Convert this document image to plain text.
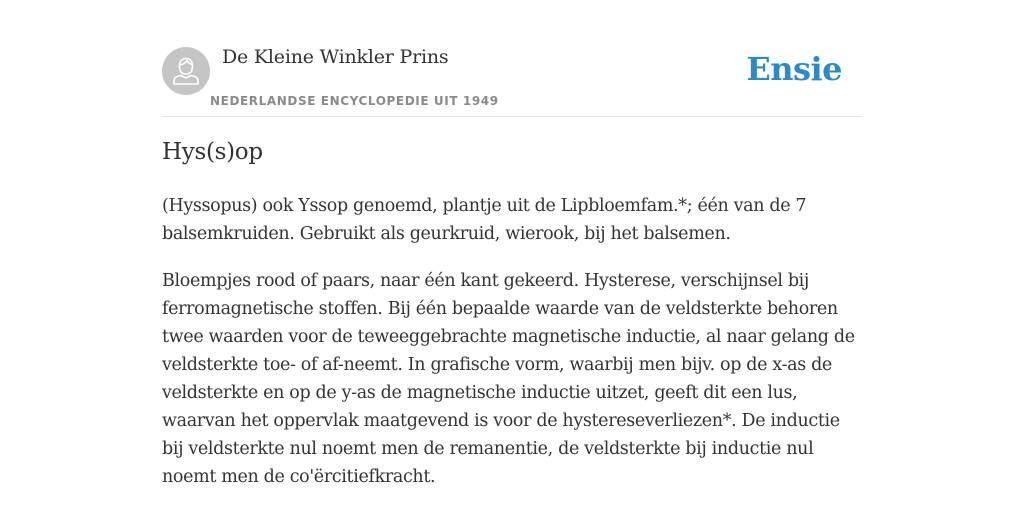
De Kleine Winkler Prins
NEDERLANDSE ENCYCLOPEDIE UIT 1949
Ensie
Hys(s)op

(Hyssopus) ook Yssop genoemd, plantje uit de Lipbloemfam.*; één van de 7 balsemkruiden. Gebruikt als geurkruid, wierook, bij het balsemen.

Bloempjes rood of paars, naar één kant gekeerd. Hysterese, verschijnsel bij ferromagnetische stoffen. Bij één bepaalde waarde van de veldsterkte behoren twee waarden voor de teweeggebrachte magnetische inductie, al naar gelang de veldsterkte toe- of af-neemt. In grafische vorm, waarbij men bijv. op de x-as de veldsterkte en op de y-as de magnetische inductie uitzet, geeft dit een lus, waarvan het oppervlak maatgevend is voor de hystereseverliezen*. De inductie bij veldsterkte nul noemt men de remanentie, de veldsterkte bij inductie nul noemt men de co'ërcitiefkracht.
